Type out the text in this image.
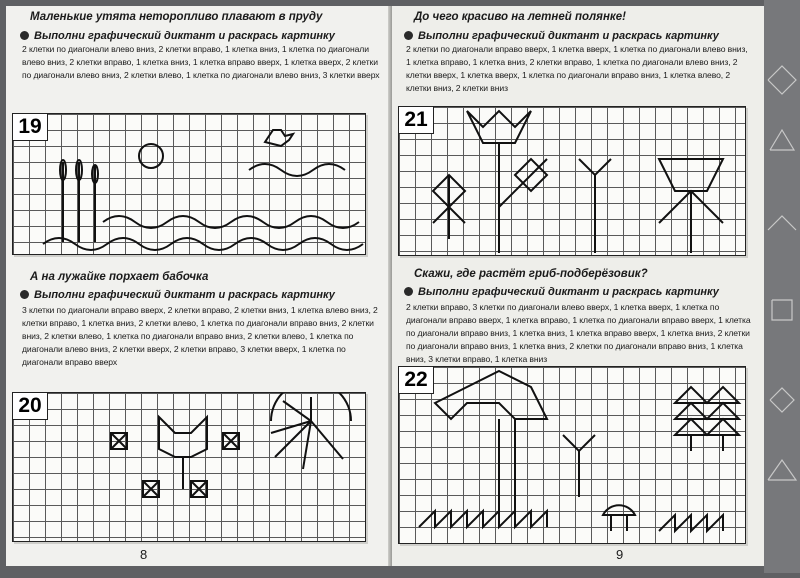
Маленькие утята неторопливо плавают в пруду

Выполни графический диктант и раскрась картинку

2 клетки по диагонали влево вниз, 2 клетки вправо, 1 клетка вниз, 1 клетка по диагонали влево вниз, 2 клетки вправо, 1 клетка вниз, 1 клетка вправо вверх, 1 клетка вверх, 2 клетки по диагонали влево вниз, 2 клетки влево, 1 клетка по диагонали влево вниз, 3 клетки вверх

19

А на лужайке порхает бабочка

Выполни графический диктант и раскрась картинку

3 клетки по диагонали вправо вверх, 2 клетки вправо, 2 клетки вниз, 1 клетка влево вниз, 2 клетки вправо, 1 клетка вниз, 2 клетки влево, 1 клетка по диагонали вправо вниз, 2 клетки вниз, 2 клетки влево, 1 клетка по диагонали вправо вниз, 2 клетки влево, 1 клетка по диагонали влево вниз, 2 клетки вверх, 2 клетки вправо, 3 клетки вверх, 1 клетка по диагонали вправо вверх

20

8

До чего красиво на летней полянке!

Выполни графический диктант и раскрась картинку

2 клетки по диагонали вправо вверх, 1 клетка вверх, 1 клетка по диагонали влево вниз, 1 клетка вправо, 1 клетка вниз, 2 клетки вправо, 1 клетка по диагонали влево вниз, 2 клетки вверх, 1 клетка вверх, 1 клетка по диагонали вправо вниз, 1 клетка влево, 2 клетки вниз, 2 клетки вниз

21

Скажи, где растёт гриб-подберёзовик?

Выполни графический диктант и раскрась картинку

2 клетки вправо, 3 клетки по диагонали влево вверх, 1 клетка вверх, 1 клетка по диагонали вправо вверх, 1 клетка вправо, 1 клетка по диагонали вправо вверх, 1 клетка по диагонали вправо вниз, 1 клетка вниз, 1 клетка вправо вверх, 1 клетка вниз, 2 клетки по диагонали вправо вниз, 1 клетка вниз, 2 клетки по диагонали вправо вниз, 1 клетка вниз, 3 клетки вправо, 1 клетка вниз

22

9
